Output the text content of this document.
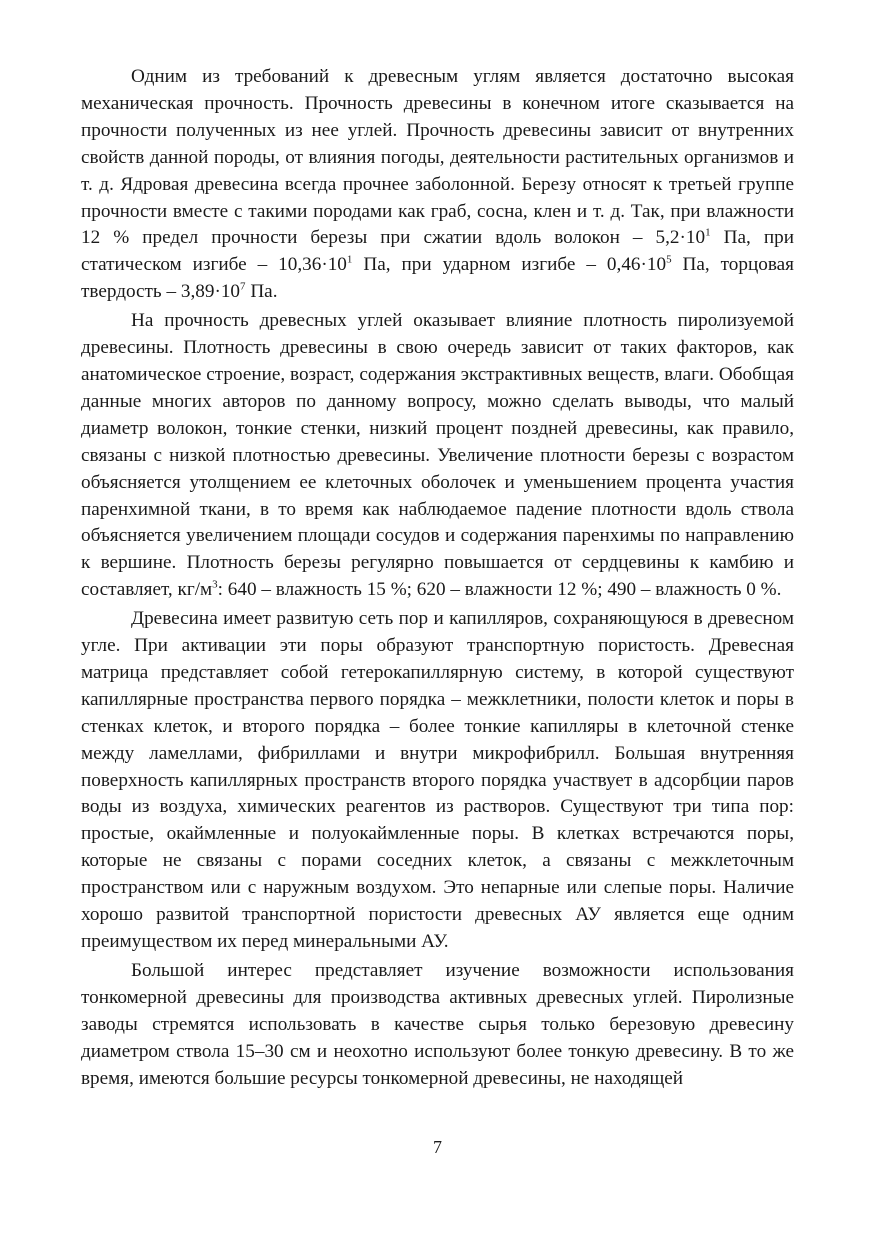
Одним из требований к древесным углям является достаточно высокая механическая прочность. Прочность древесины в конечном итоге сказывается на прочности полученных из нее углей. Прочность древесины зависит от внутренних свойств данной породы, от влияния погоды, деятельности растительных организмов и т. д. Ядровая древесина всегда прочнее заболонной. Березу относят к третьей группе прочности вместе с такими породами как граб, сосна, клен и т. д. Так, при влажности 12 % предел прочности березы при сжатии вдоль волокон – $5,2\cdot 10^1$ Па, при статическом изгибе – $10,36\cdot 10^1$ Па, при ударном изгибе – $0,46\cdot 10^5$ Па, торцовая твердость – $3,89\cdot 10^7$ Па.

На прочность древесных углей оказывает влияние плотность пиролизуемой древесины. Плотность древесины в свою очередь зависит от таких факторов, как анатомическое строение, возраст, содержания экстрактивных веществ, влаги. Обобщая данные многих авторов по данному вопросу, можно сделать выводы, что малый диаметр волокон, тонкие стенки, низкий процент поздней древесины, как правило, связаны с низкой плотностью древесины. Увеличение плотности березы с возрастом объясняется утолщением ее клеточных оболочек и уменьшением процента участия паренхимной ткани, в то время как наблюдаемое падение плотности вдоль ствола объясняется увеличением площади сосудов и содержания паренхимы по направлению к вершине. Плотность березы регулярно повышается от сердцевины к камбию и составляет, $кг/м^3$: 640 – влажность 15 %; 620 – влажности 12 %; 490 – влажность 0 %.

Древесина имеет развитую сеть пор и капилляров, сохраняющуюся в древесном угле. При активации эти поры образуют транспортную пористость. Древесная матрица представляет собой гетерокапиллярную систему, в которой существуют капиллярные пространства первого порядка – межклетники, полости клеток и поры в стенках клеток, и второго порядка – более тонкие капилляры в клеточной стенке между ламеллами, фибриллами и внутри микрофибрилл. Большая внутренняя поверхность капиллярных пространств второго порядка участвует в адсорбции паров воды из воздуха, химических реагентов из растворов. Существуют три типа пор: простые, окаймленные и полуокаймленные поры. В клетках встречаются поры, которые не связаны с порами соседних клеток, а связаны с межклеточным пространством или с наружным воздухом. Это непарные или слепые поры. Наличие хорошо развитой транспортной пористости древесных АУ является еще одним преимуществом их перед минеральными АУ.

Большой интерес представляет изучение возможности использования тонкомерной древесины для производства активных древесных углей. Пиролизные заводы стремятся использовать в качестве сырья только березовую древесину диаметром ствола 15–30 см и неохотно используют более тонкую древесину. В то же время, имеются большие ресурсы тонкомерной древесины, не находящей

7
